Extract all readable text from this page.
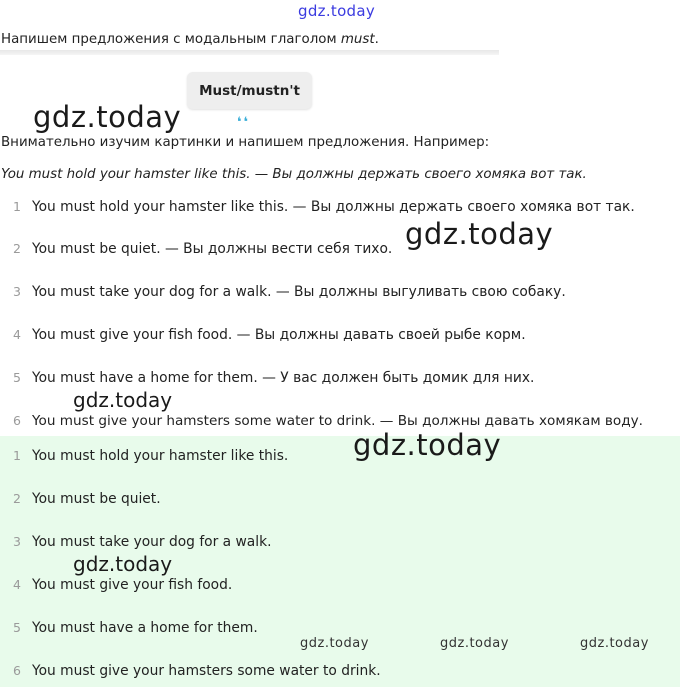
gdz.today
Напишем предложения с модальным глаголом must.
Must/mustn't
❛❛
Внимательно изучим картинки и напишем предложения. Например:
You must hold your hamster like this. — Вы должны держать своего хомяка вот так.
1 You must hold your hamster like this. — Вы должны держать своего хомяка вот так.
2 You must be quiet. — Вы должны вести себя тихо.
3 You must take your dog for a walk. — Вы должны выгуливать свою собаку.
4 You must give your fish food. — Вы должны давать своей рыбе корм.
5 You must have a home for them. — У вас должен быть домик для них.
6 You must give your hamsters some water to drink. — Вы должны давать хомякам воду.
1 You must hold your hamster like this.
2 You must be quiet.
3 You must take your dog for a walk.
4 You must give your fish food.
5 You must have a home for them.
6 You must give your hamsters some water to drink.
gdz.today
gdz.today
gdz.today
gdz.today
gdz.today
gdz.today	gdz.today	gdz.today
